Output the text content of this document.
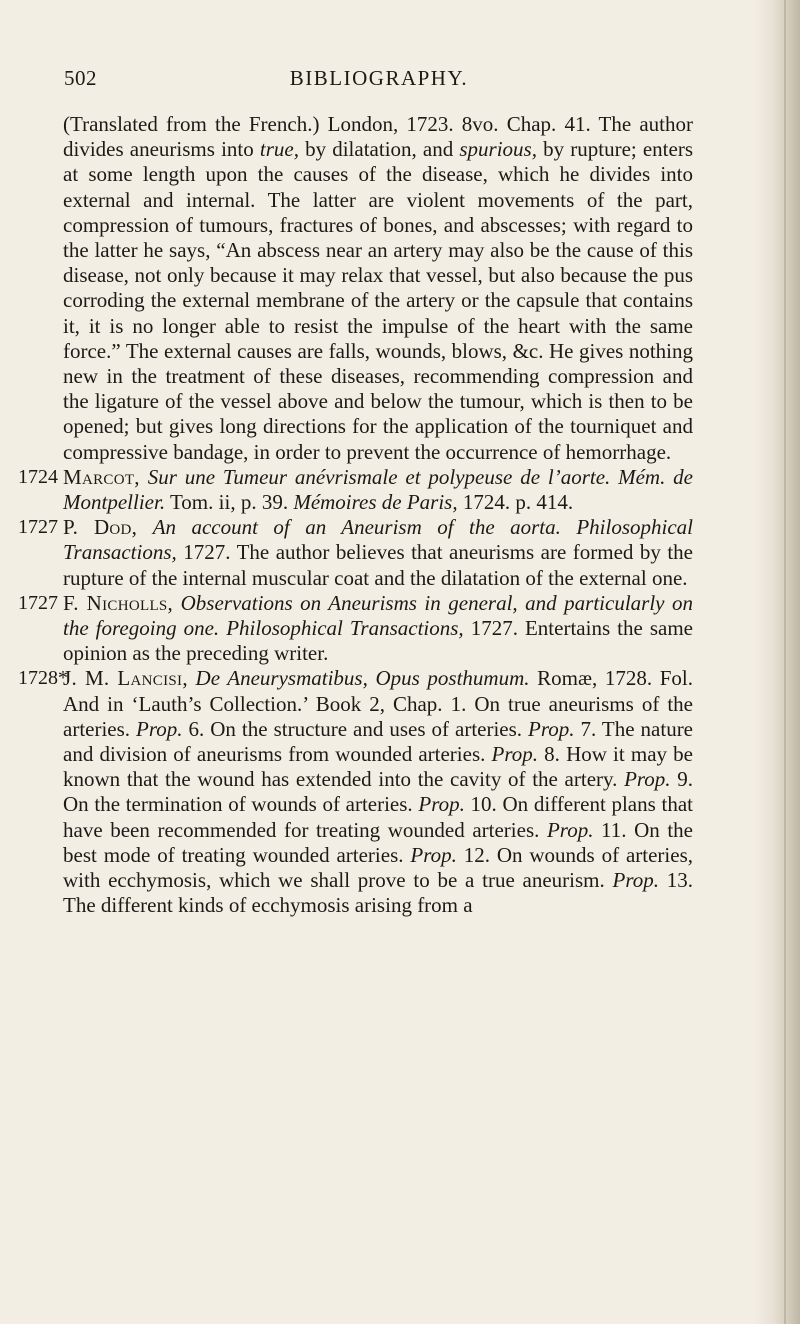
502	BIBLIOGRAPHY.

(Translated from the French.) London, 1723. 8vo. Chap. 41. The author divides aneurisms into true, by dilatation, and spurious, by rupture; enters at some length upon the causes of the disease, which he divides into external and internal. The latter are violent movements of the part, compression of tumours, fractures of bones, and abscesses; with regard to the latter he says, “An abscess near an artery may also be the cause of this disease, not only because it may relax that vessel, but also because the pus corroding the external membrane of the artery or the capsule that contains it, it is no longer able to resist the impulse of the heart with the same force.” The external causes are falls, wounds, blows, &c. He gives nothing new in the treatment of these diseases, recommending compression and the ligature of the vessel above and below the tumour, which is then to be opened; but gives long directions for the application of the tourniquet and compressive bandage, in order to prevent the occurrence of hemorrhage.

1724 Marcot, Sur une Tumeur anévrismale et polypeuse de l’aorte. Mém. de Montpellier. Tom. ii, p. 39. Mémoires de Paris, 1724. p. 414.

1727 P. Dod, An account of an Aneurism of the aorta. Philosophical Transactions, 1727. The author believes that aneurisms are formed by the rupture of the internal muscular coat and the dilatation of the external one.

1727 F. Nicholls, Observations on Aneurisms in general, and particularly on the foregoing one. Philosophical Transactions, 1727. Entertains the same opinion as the preceding writer.

1728*

J. M. Lancisi, De Aneurysmatibus, Opus posthumum. Romæ, 1728. Fol. And in ‘Lauth’s Collection.’ Book 2, Chap. 1. On true aneurisms of the arteries. Prop. 6. On the structure and uses of arteries. Prop. 7. The nature and division of aneurisms from wounded arteries. Prop. 8. How it may be known that the wound has extended into the cavity of the artery. Prop. 9. On the termination of wounds of arteries. Prop. 10. On different plans that have been recommended for treating wounded arteries. Prop. 11. On the best mode of treating wounded arteries. Prop. 12. On wounds of arteries, with ecchymosis, which we shall prove to be a true aneurism. Prop. 13. The different kinds of ecchymosis arising from a
